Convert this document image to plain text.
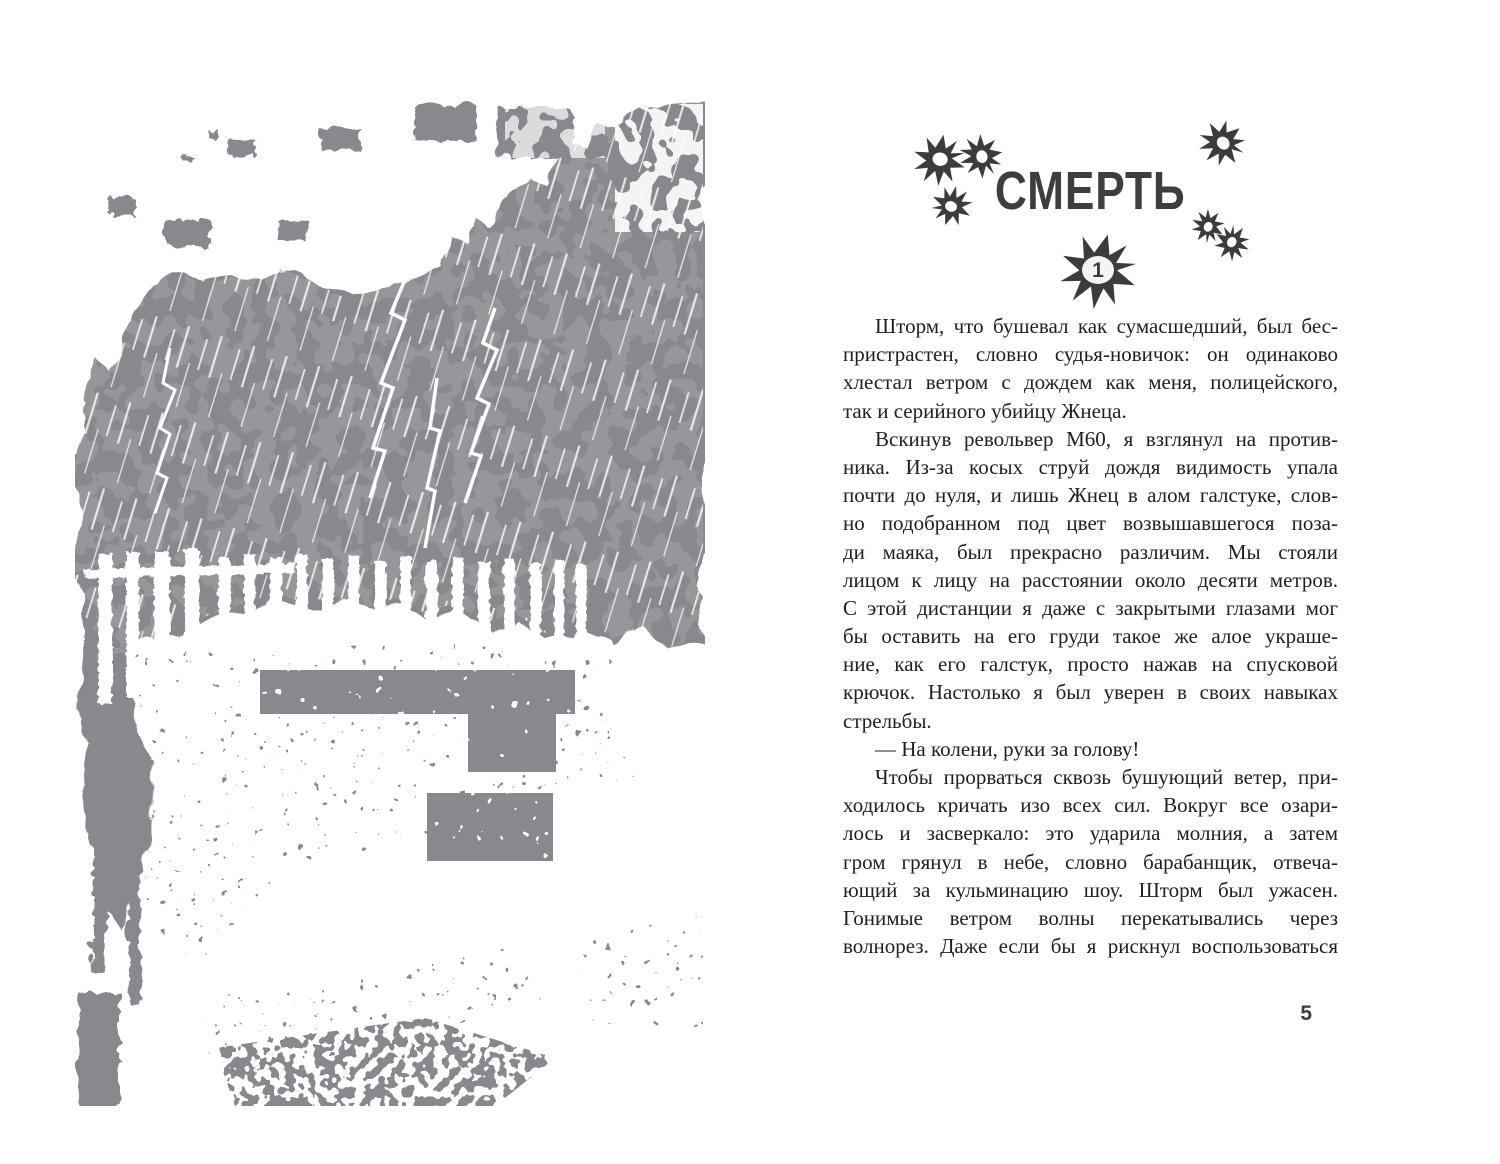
СМЕРТЬ
1
Шторм, что бушевал как сумасшедший, был бес-
пристрастен, словно судья-новичок: он одинаково
хлестал ветром с дождем как меня, полицейского,
так и серийного убийцу Жнеца.
Вскинув револьвер М60, я взглянул на против-
ника. Из-за косых струй дождя видимость упала
почти до нуля, и лишь Жнец в алом галстуке, слов-
но подобранном под цвет возвышавшегося поза-
ди маяка, был прекрасно различим. Мы стояли
лицом к лицу на расстоянии около десяти метров.
С этой дистанции я даже с закрытыми глазами мог
бы оставить на его груди такое же алое украше-
ние, как его галстук, просто нажав на спусковой
крючок. Настолько я был уверен в своих навыках
стрельбы.
— На колени, руки за голову!
Чтобы прорваться сквозь бушующий ветер, при-
ходилось кричать изо всех сил. Вокруг все озари-
лось и засверкало: это ударила молния, а затем
гром грянул в небе, словно барабанщик, отвеча-
ющий за кульминацию шоу. Шторм был ужасен.
Гонимые ветром волны перекатывались через
волнорез. Даже если бы я рискнул воспользоваться
5
